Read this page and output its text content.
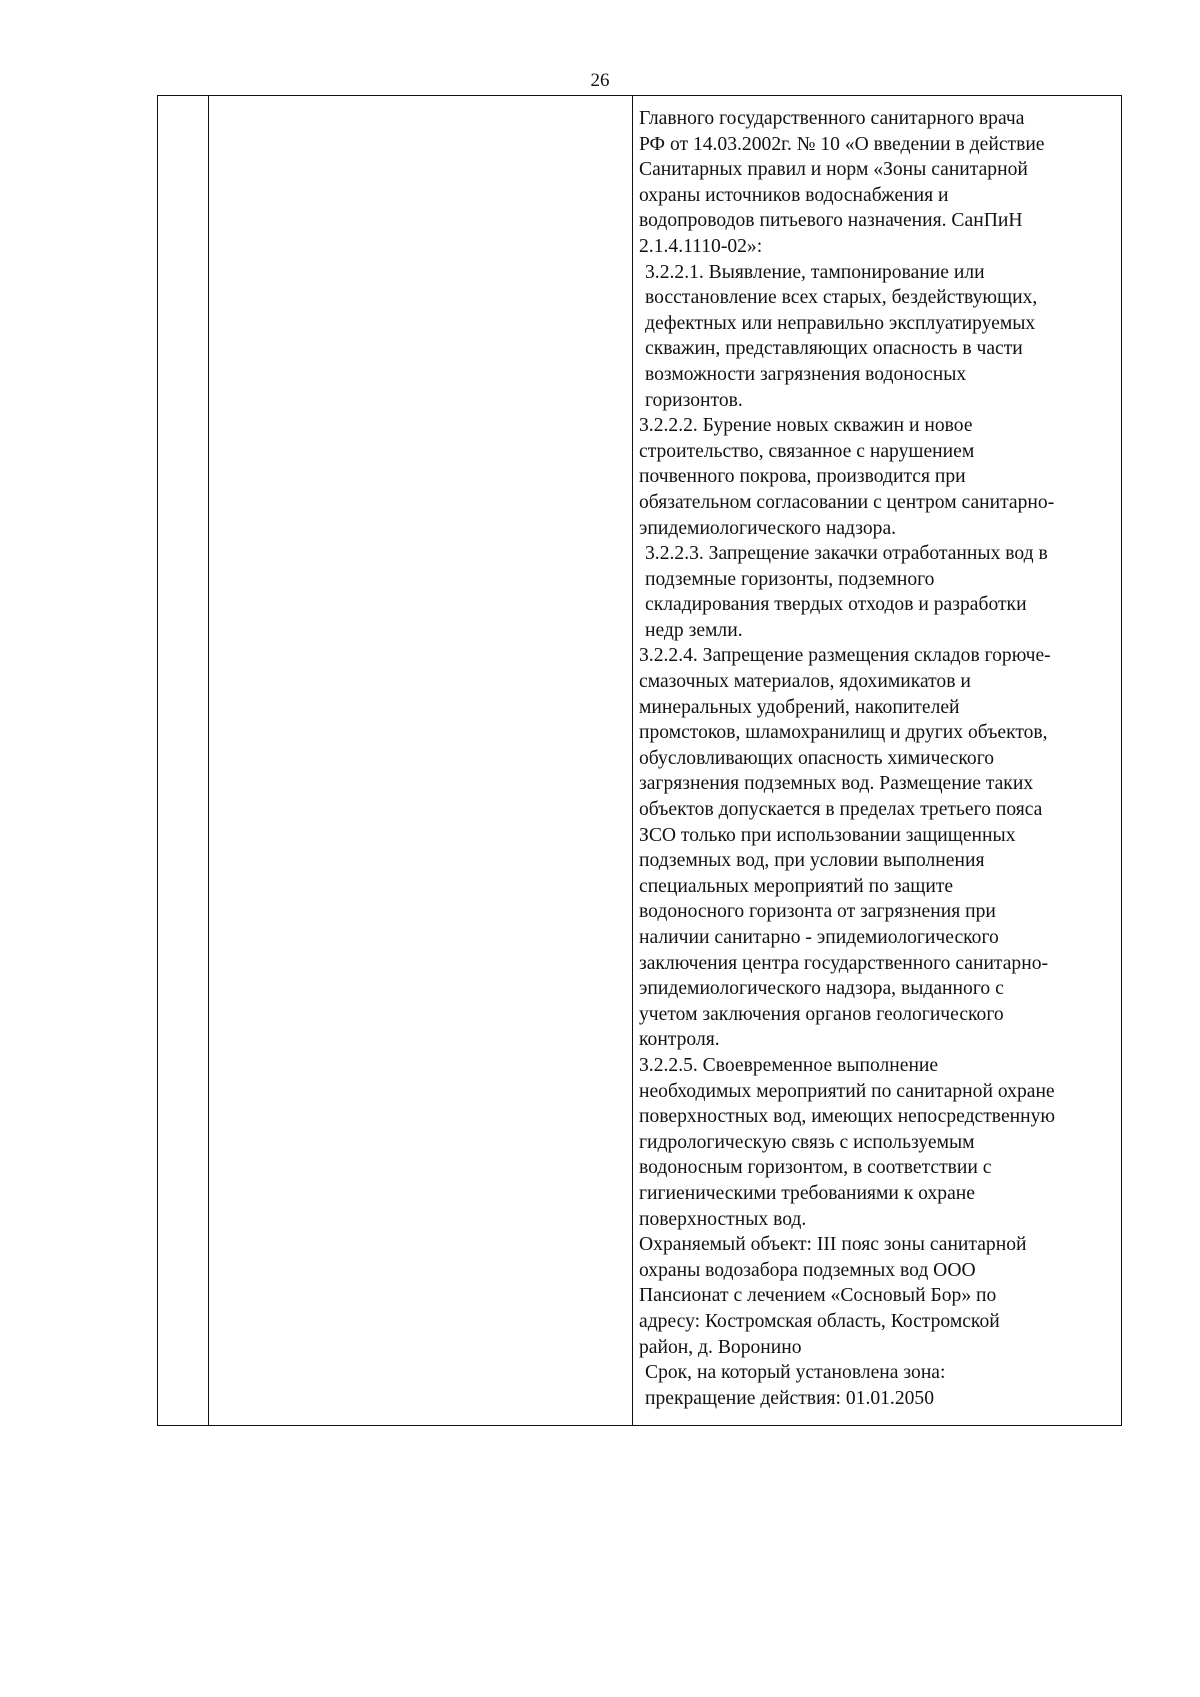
26

Главного государственного санитарного врача
РФ от 14.03.2002г. № 10 «О введении в действие
Санитарных правил и норм «Зоны санитарной
охраны источников водоснабжения и
водопроводов питьевого назначения. СанПиН
2.1.4.1110-02»:

3.2.2.1. Выявление, тампонирование или
восстановление всех старых, бездействующих,
дефектных или неправильно эксплуатируемых
скважин, представляющих опасность в части
возможности загрязнения водоносных
горизонтов.

3.2.2.2. Бурение новых скважин и новое
строительство, связанное с нарушением
почвенного покрова, производится при
обязательном согласовании с центром санитарно-
эпидемиологического надзора.

3.2.2.3. Запрещение закачки отработанных вод в
подземные горизонты, подземного
складирования твердых отходов и разработки
недр земли.

3.2.2.4. Запрещение размещения складов горюче-
смазочных материалов, ядохимикатов и
минеральных удобрений, накопителей
промстоков, шламохранилищ и других объектов,
обусловливающих опасность химического
загрязнения подземных вод. Размещение таких
объектов допускается в пределах третьего пояса
ЗСО только при использовании защищенных
подземных вод, при условии выполнения
специальных мероприятий по защите
водоносного горизонта от загрязнения при
наличии санитарно - эпидемиологического
заключения центра государственного санитарно-
эпидемиологического надзора, выданного с
учетом заключения органов геологического
контроля.

3.2.2.5. Своевременное выполнение
необходимых мероприятий по санитарной охране
поверхностных вод, имеющих непосредственную
гидрологическую связь с используемым
водоносным горизонтом, в соответствии с
гигиеническими требованиями к охране
поверхностных вод.

Охраняемый объект: III пояс зоны санитарной
охраны водозабора подземных вод ООО
Пансионат с лечением «Сосновый Бор» по
адресу: Костромская область, Костромской
район, д. Воронино

Срок, на который установлена зона:
прекращение действия: 01.01.2050
